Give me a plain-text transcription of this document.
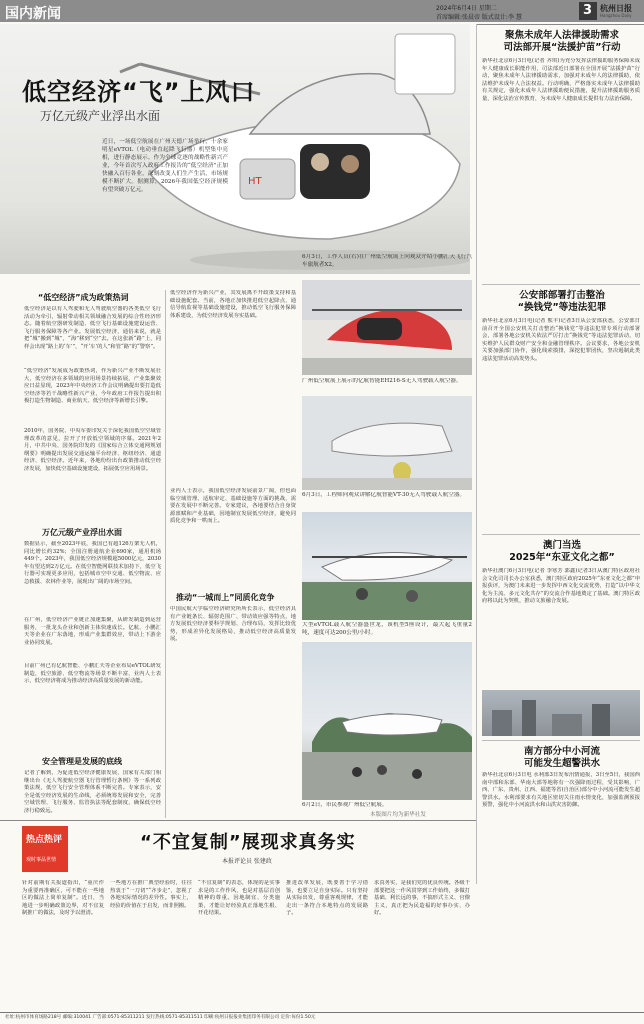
国内新闻	2024年6月4日 星期二
首席编辑:张晨帝 版式设计:李 慧	3 杭州日报
Hangzhou Daily
HT
低空经济“飞”上风口
万亿元级产业浮出水面
近日，一场低空航展在广州天德广场举行，十余家明星eVTOL（电动垂直起降飞行器）机型集中亮相，进行静态展示。作为全球竞逐的战略性新兴产业，今年首次写入政府工作报告的“低空经济”正加快融入百行各业，深刻改变人们生产生活，市场规模不断扩大。据测算，2026年我国低空经济规模有望突破万亿元。
“低空经济”成为政策热词
低空经济是以有人驾驶和无人驾驶航空器的各类低空飞行活动为牵引，辐射带动相关领域融合发展的综合性经济形态。随着航空器研发制造、低空飞行基础设施建设运营、飞行服务保障等各产业。发展低空经济，通俗来说，就是把“城”搬到“城”，“海”移到“空”去。在这张新“路”上，同样会出现“路上的‘车’”，“开‘车’的人”和管“路”的“警察”。
“低空经济”发展成为政策热词，作为新兴产业不断发展壮大，低空经济在多领域的应用场景持续拓展，产业集聚效应日益显现，2023年中央经济工作会议明确提出要打造低空经济等若干战略性新兴产业，今年政府工作报告提出积极打造生物制造、商业航天、低空经济等新增长引擎。
2010年，国务院、中央军委印发关于深化我国低空空域管理改革的意见，拉开了开放低空领域的序幕。2021年2月，中共中央、国务院印发的《国家综合立体交通网规划纲要》明确提出发展交通运输平台经济、枢纽经济、通道经济、低空经济。近年来，各地纷纷出台政策推动低空经济发展，加快低空基础设施建设，拓展低空应用场景。
万亿元级产业浮出水面
数据显示，截至2023年底，我国已有超126万架无人机，同比增长约32%；全国注册通航企业690家，通用机场449个。2023年，我国低空经济规模超5000亿元，2030年有望达到2万亿元。在低空智能网联技术加持下，低空飞行器可实现更多应用，包括城市空中交通、低空物流、应急救援、农林作业等，展现出广阔的市场空间。
在广州，低空经济产业链正加速集聚，从研发制造到运营服务，一批龙头企业和创新主体快速成长。亿航、小鹏汇天等企业在广东落地，形成产业集群效应，带动上下游企业协同发展。
目前广州已有亿航智能、小鹏汇天等企业布局eVTOL研发制造，低空旅游、低空物流等场景不断丰富，业内人士表示，低空经济将成为推动经济高质量发展的新动能。
安全管理是发展的底线
记者了解到，为促进低空经济健康发展，国家有关部门相继出台《无人驾驶航空器飞行管理暂行条例》等一系列政策法规，低空飞行安全管理体系不断完善。专家表示，安全是低空经济发展的生命线，必须统筹发展和安全，完善空域管理、飞行服务、监管执法等配套制度，确保低空经济行稳致远。
低空经济作为新兴产业，其发展离不开政策支持和基础设施配套。当前，各地正加快推进低空起降点、通信导航监视等基础设施建设，推动低空飞行服务保障体系建设，为低空经济发展夯实基础。
业内人士表示，我国低空经济发展前景广阔，但也面临空域管理、适航审定、基础设施等方面的挑战，需要在发展中不断完善。专家建议，各地要结合自身资源禀赋和产业基础，因地制宜发展低空经济，避免同质化竞争和一哄而上。
推动“一城而上”同质化竞争
中国民航大学临空经济研究所所长表示，低空经济具有产业链条长、辐射范围广、带动效应强等特点，地方发展低空经济要科学规划、合理布局，发挥比较优势，形成差异化发展格局，推动低空经济高质量发展。
6月3日，工作人员(右)在广州低空航展上向观众介绍小鹏汇天飞行汽车旅航者X2。
广州低空航展上展示的亿航智能EH216-S无人驾驶载人航空器。
6月3日，工程师向观众讲解亿航智能VT-30无人驾驶载人航空器。
大型eVTOL载人航空器盛世龙，该机型5座设计，最大起飞重量2吨，速度可达200公里/小时。
6月2日，市民参观广州低空航展。
本版图片均为新华社发
聚焦未成年人法律援助需求
司法部开展“法援护苗”行动
新华社北京6月3日电(记者 齐琪)为充分发挥法律援助服务保障未成年人健康成长职能作用，司法部近日部署在全国开展“法援护苗”行动，聚焦未成年人法律援助需求，加强对未成年人的法律援助，依法维护未成年人合法权益。行动明确，严格落实未成年人法律援助有关规定，强化未成年人法律援助便民措施，提升法律援助服务质量，深化法治宣传教育，为未成年人健康成长提供有力法治保障。
公安部部署打击整治
“换钱党”等违法犯罪
新华社北京6月3日电(记者 熊丰)记者3日从公安部获悉，公安部日前召开全国公安机关打击整治“换钱党”等违法犯罪专项行动部署会，部署各地公安机关依法严厉打击“换钱党”等违法犯罪活动，切实维护人民群众财产安全和金融管理秩序。会议要求，各地公安机关要加强部门协作，强化线索摸排，深挖犯罪团伙，坚决遏制此类违法犯罪活动高发势头。
澳门当选
2025年“东亚文化之都”
新华社澳门6月3日电(记者 李寒芳 郭鑫)记者3日从澳门特区政府社会文化司司长办公室获悉，澳门特区政府2025年“东亚文化之都”申报获评，为澳门未来进一步发挥中西文化交流优势，打造“以中华文化为主流、多元文化共存”的交流合作基地奠定了基础。澳门特区政府将以此为契机，推动文旅融合发展。
南方部分中小河流
可能发生超警洪水
新华社北京6月3日电 水利部3日发布汛情通报，3日至5日，我国西南中部和东部、华南大部等地将有一次强降雨过程，受其影响，广西、广东、贵州、江西、福建等省(自治区)部分中小河流可能发生超警洪水。水利部要求有关地区密切关注雨水情变化，加强监测预报预警，强化中小河流洪水和山洪灾害防御。
热点热评
观时事品世情
“不宜复制”展现求真务实
本报评论员 张建政
针对前期有关报道指出，“重庆作为重要再准确区，可不能在一些地区的做法上简单复制”。近日，当地进一步明确政策边界，对不宜复制推广的做法，及时予以澄清。
一些地方在推广典型经验时，往往热衷于“一刀切”“齐步走”，忽视了各地实际情况的差异性。事实上，经验的价值在于启发，而非照搬。
“不宜复制”的表态，体现的是实事求是的工作作风，也是对基层首创精神的尊重。因地制宜、分类施策，才能让好经验真正落地生根、开花结果。
推进改革发展，既要善于学习借鉴，也要立足自身实际。只有坚持从实际出发，尊重客观规律，才能走出一条符合本地特点的发展路子。
求真务实，是我们党的优良传统。各级干部要把这一作风贯穿到工作始终，多做打基础、利长远的事，不搞形式主义、官僚主义，真正把为民造福的好事办实、办好。
社址:杭州市体育场路218号 邮编:310041 广告部:0571-85311211 发行热线:0571-85311511 印刷:杭州日报报业集团印务有限公司 定价:每份1.50元
